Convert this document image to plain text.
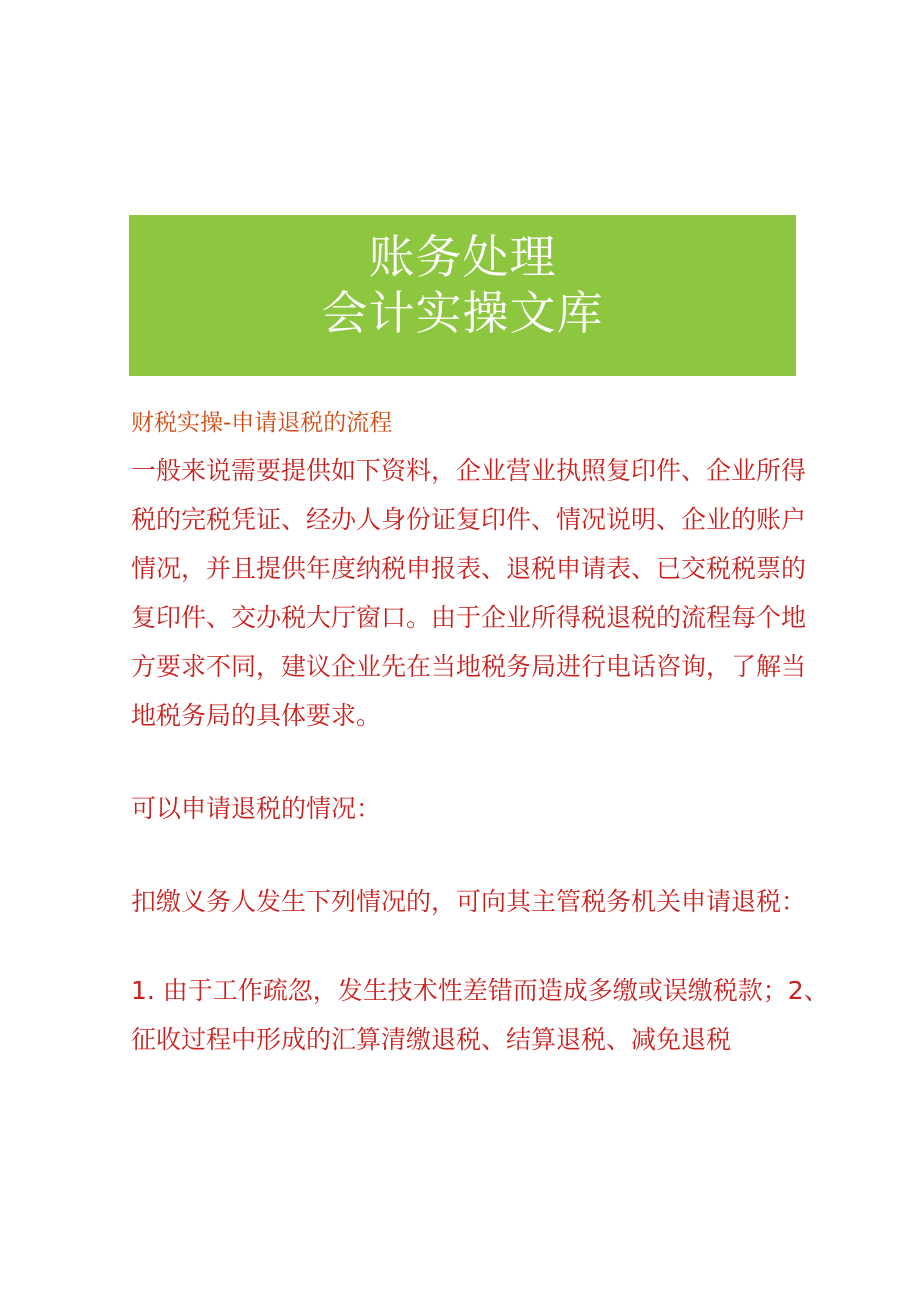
账务处理
会计实操文库
财税实操-申请退税的流程

一般来说需要提供如下资料，企业营业执照复印件、企业所得

税的完税凭证、经办人身份证复印件、情况说明、企业的账户

情况，并且提供年度纳税申报表、退税申请表、已交税税票的

复印件、交办税大厅窗口。由于企业所得税退税的流程每个地

方要求不同，建议企业先在当地税务局进行电话咨询，了解当

地税务局的具体要求。

可以申请退税的情况：

扣缴义务人发生下列情况的，可向其主管税务机关申请退税：

1. 由于工作疏忽，发生技术性差错而造成多缴或误缴税款；2、

征收过程中形成的汇算清缴退税、结算退税、减免退税
